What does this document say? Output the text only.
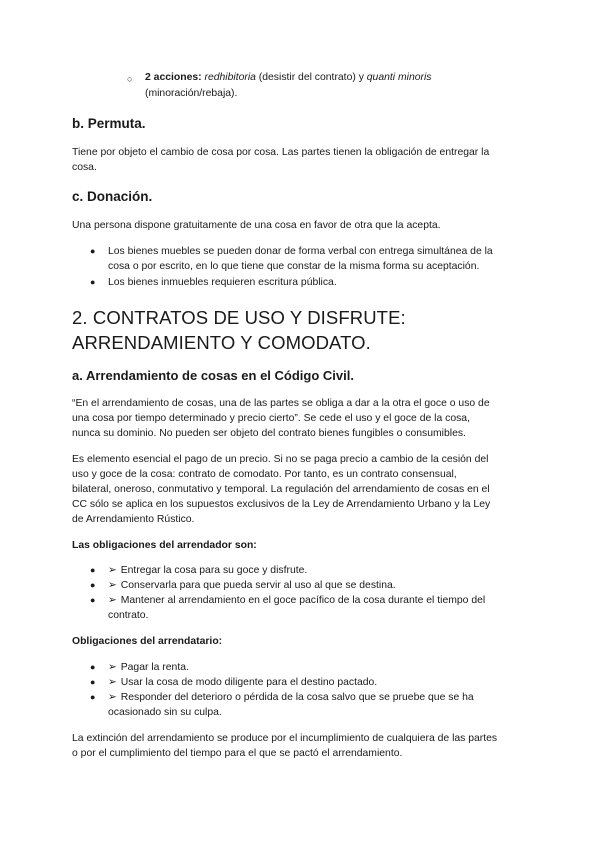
○ 2 acciones: redhibitoria (desistir del contrato) y quanti minoris
(minoración/rebaja).
b. Permuta.
Tiene por objeto el cambio de cosa por cosa. Las partes tienen la obligación de entregar la
cosa.
c. Donación.
Una persona dispone gratuitamente de una cosa en favor de otra que la acepta.
● Los bienes muebles se pueden donar de forma verbal con entrega simultánea de la
cosa o por escrito, en lo que tiene que constar de la misma forma su aceptación.
● Los bienes inmuebles requieren escritura pública.
2. CONTRATOS DE USO Y DISFRUTE:
ARRENDAMIENTO Y COMODATO.
a. Arrendamiento de cosas en el Código Civil.
“En el arrendamiento de cosas, una de las partes se obliga a dar a la otra el goce o uso de
una cosa por tiempo determinado y precio cierto”. Se cede el uso y el goce de la cosa,
nunca su dominio. No pueden ser objeto del contrato bienes fungibles o consumibles.
Es elemento esencial el pago de un precio. Si no se paga precio a cambio de la cesión del
uso y goce de la cosa: contrato de comodato. Por tanto, es un contrato consensual,
bilateral, oneroso, conmutativo y temporal. La regulación del arrendamiento de cosas en el
CC sólo se aplica en los supuestos exclusivos de la Ley de Arrendamiento Urbano y la Ley
de Arrendamiento Rústico.
Las obligaciones del arrendador son:
● ➢ Entregar la cosa para su goce y disfrute.
● ➢ Conservarla para que pueda servir al uso al que se destina.
● ➢ Mantener al arrendamiento en el goce pacífico de la cosa durante el tiempo del
contrato.
Obligaciones del arrendatario:
● ➢ Pagar la renta.
● ➢ Usar la cosa de modo diligente para el destino pactado.
● ➢ Responder del deterioro o pérdida de la cosa salvo que se pruebe que se ha
ocasionado sin su culpa.
La extinción del arrendamiento se produce por el incumplimiento de cualquiera de las partes
o por el cumplimiento del tiempo para el que se pactó el arrendamiento.
